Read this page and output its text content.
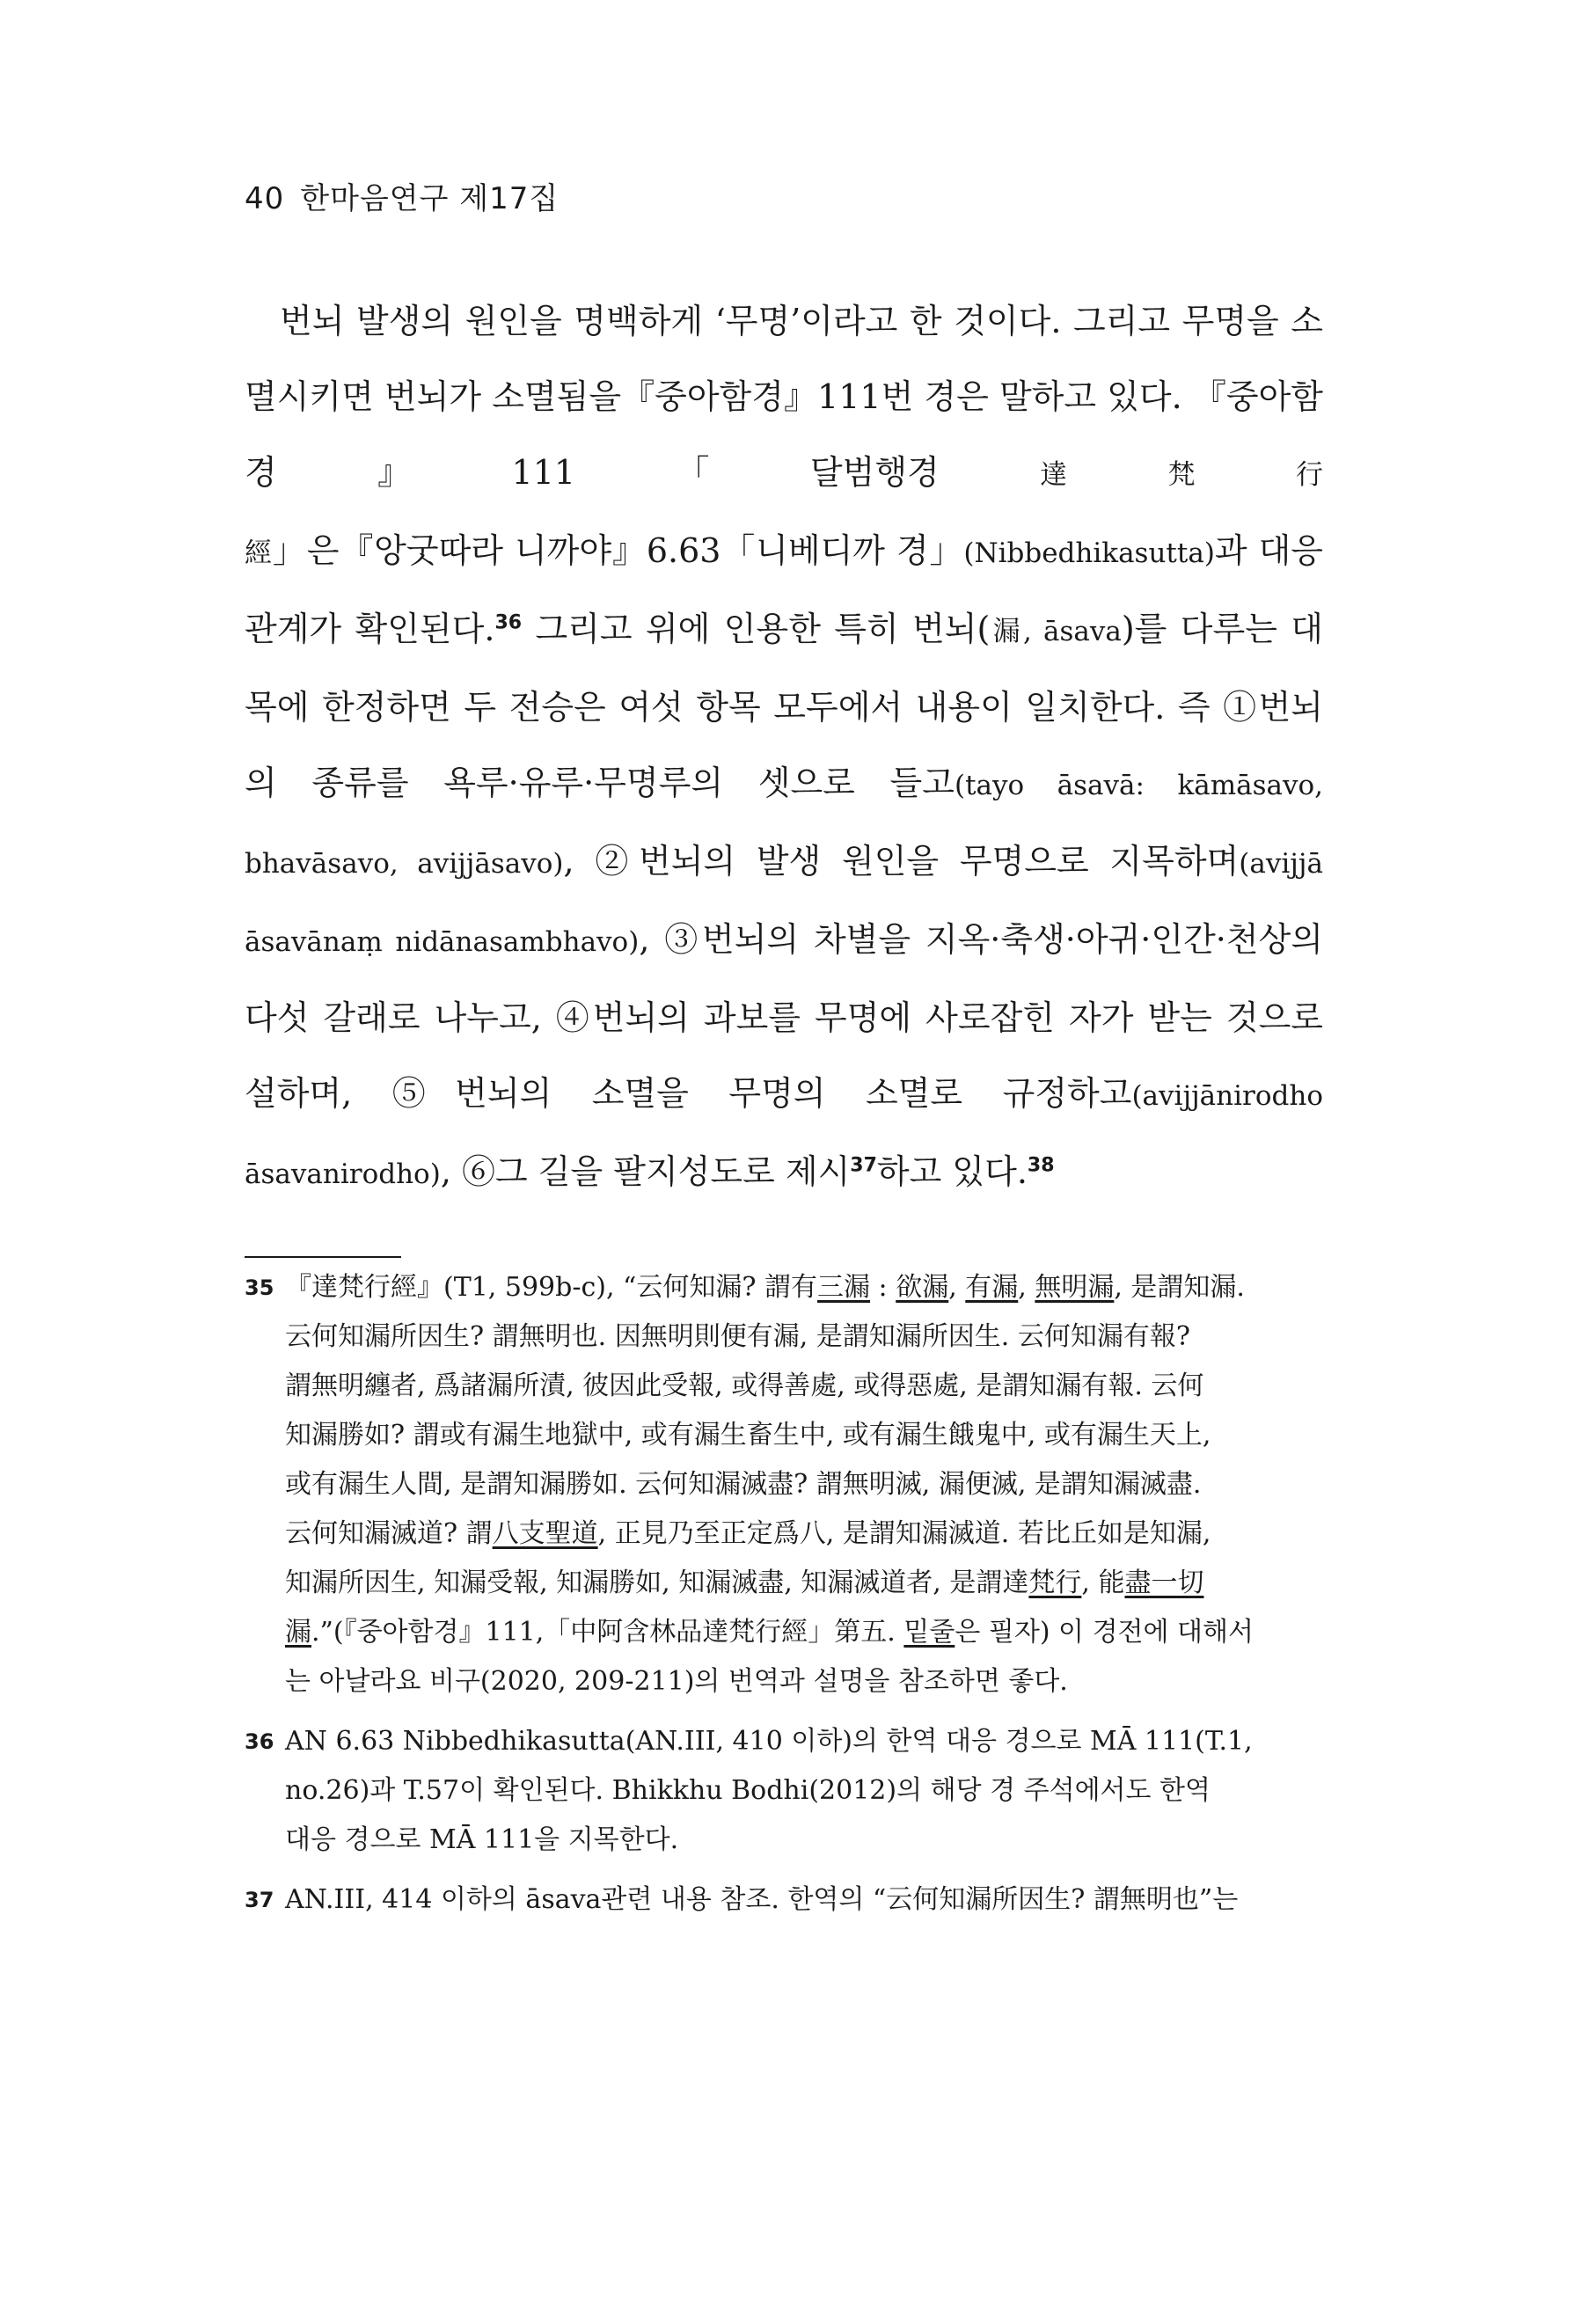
40 한마음연구 제17집

번뇌 발생의 원인을 명백하게 ‘무명’이라고 한 것이다. 그리고 무명을 소멸시키면 번뇌가 소멸됨을『중아함경』111번 경은 말하고 있다. 『중아함경』111「달범행경達梵行經」은『앙굿따라 니까야』6.63「니베디까 경」(Nibbedhikasutta)과 대응 관계가 확인된다.$^{36}$ 그리고 위에 인용한 특히 번뇌(漏, āsava)를 다루는 대목에 한정하면 두 전승은 여섯 항목 모두에서 내용이 일치한다. 즉 ①번뇌의 종류를 욕루·유루·무명루의 셋으로 들고(tayo āsavā: kāmāsavo, bhavāsavo, avijjāsavo), ②번뇌의 발생 원인을 무명으로 지목하며(avijjā āsavānaṃ nidānasambhavo), ③번뇌의 차별을 지옥·축생·아귀·인간·천상의 다섯 갈래로 나누고, ④번뇌의 과보를 무명에 사로잡힌 자가 받는 것으로 설하며, ⑤번뇌의 소멸을 무명의 소멸로 규정하고(avijjānirodho āsavanirodho), ⑥그 길을 팔지성도로 제시$^{37}$하고 있다.$^{38}$

35 『達梵行經』(T1, 599b-c), “云何知漏? 謂有三漏 : 欲漏, 有漏, 無明漏, 是謂知漏.
云何知漏所因生? 謂無明也. 因無明則便有漏, 是謂知漏所因生. 云何知漏有報?
謂無明纏者, 爲諸漏所漬, 彼因此受報, 或得善處, 或得惡處, 是謂知漏有報. 云何
知漏勝如? 謂或有漏生地獄中, 或有漏生畜生中, 或有漏生餓鬼中, 或有漏生天上,
或有漏生人間, 是謂知漏勝如. 云何知漏滅盡? 謂無明滅, 漏便滅, 是謂知漏滅盡.
云何知漏滅道? 謂八支聖道, 正見乃至正定爲八, 是謂知漏滅道. 若比丘如是知漏,
知漏所因生, 知漏受報, 知漏勝如, 知漏滅盡, 知漏滅道者, 是謂達梵行, 能盡一切
漏.”(『중아함경』111,「中阿含林品達梵行經」第五. 밑줄은 필자) 이 경전에 대해서
는 아날라요 비구(2020, 209-211)의 번역과 설명을 참조하면 좋다.
36 AN 6.63 Nibbedhikasutta(AN.III, 410 이하)의 한역 대응 경으로 MĀ 111(T.1,
no.26)과 T.57이 확인된다. Bhikkhu Bodhi(2012)의 해당 경 주석에서도 한역
대응 경으로 MĀ 111을 지목한다.
37 AN.III, 414 이하의 āsava관련 내용 참조. 한역의 “云何知漏所因生? 謂無明也”는
